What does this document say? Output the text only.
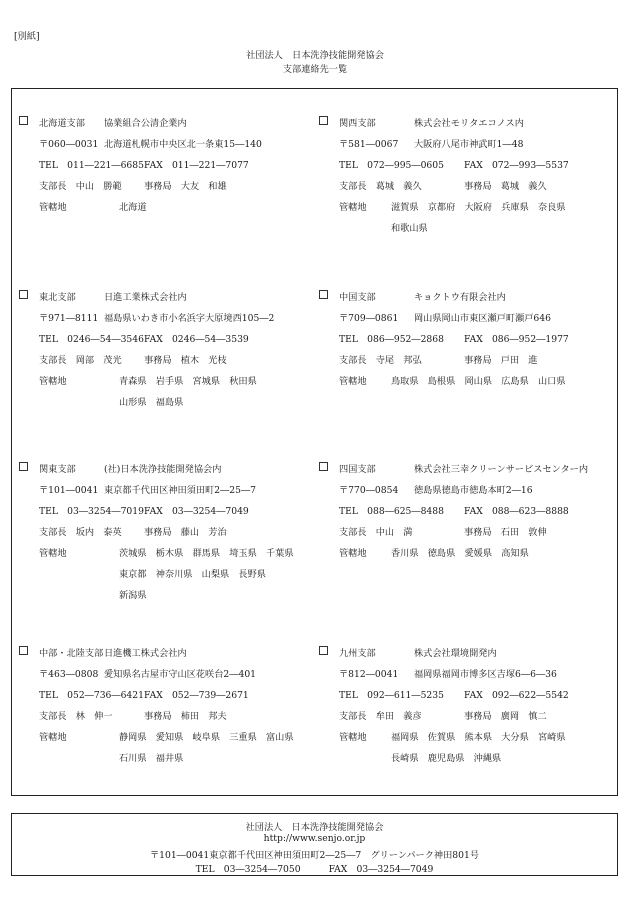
[別紙]
社団法人　日本洗浄技能開発協会
支部連絡先一覧
社団法人　日本洗浄技能開発協会
http://www.senjo.or.jp
〒101―0041東京都千代田区神田須田町2―25―7　グリーンパーク神田801号
TEL　03―3254―7050	FAX　03―3254―7049
北海道支部 協業組合公清企業内
〒060―0031 北海道札幌市中央区北一条東15―140
TEL　011―221―6685 FAX　011―221―7077
支部長　中山　勝範 事務局　大友　和雄
管轄地	北海道
関西支部	株式会社モリタエコノス内
〒581―0067 大阪府八尾市神武町1―48
TEL　072―995―0605 FAX　072―993―5537
支部長　葛城　義久	事務局　葛城　義久
管轄地	滋賀県　京都府　大阪府　兵庫県　奈良県
和歌山県
東北支部	日進工業株式会社内
〒971―8111 福島県いわき市小名浜字大原境西105―2
TEL　0246―54―3546 FAX　0246―54―3539
支部長　岡部　茂光 事務局　植木　光枝
管轄地	青森県　岩手県　宮城県　秋田県
山形県　福島県
中国支部	キョクトウ有限会社内
〒709―0861 岡山県岡山市東区瀬戸町瀬戸646
TEL　086―952―2868 FAX　086―952―1977
支部長　寺尾　邦弘	事務局　戸田　進
管轄地	鳥取県　島根県　岡山県　広島県　山口県
関東支部	(社)日本洗浄技能開発協会内
〒101―0041 東京都千代田区神田須田町2―25―7
TEL　03―3254―7019 FAX　03―3254―7049
支部長　坂内　泰英 事務局　藤山　芳治
管轄地	茨城県　栃木県　群馬県　埼玉県　千葉県
東京都　神奈川県　山梨県　長野県
新潟県
四国支部	株式会社三幸クリーンサービスセンター内
〒770―0854 徳島県徳島市徳島本町2―16
TEL　088―625―8488 FAX　088―623―8888
支部長　中山　満	事務局　石田　敦伸
管轄地	香川県　徳島県　愛媛県　高知県
中部・北陸支部 日進機工株式会社内
〒463―0808 愛知県名古屋市守山区花咲台2―401
TEL　052―736―6421 FAX　052―739―2671
支部長　林　伸一	事務局　柿田　邦夫
管轄地	静岡県　愛知県　岐阜県　三重県　富山県
石川県　福井県
九州支部	株式会社環境開発内
〒812―0041 福岡県福岡市博多区吉塚6―6―36
TEL　092―611―5235 FAX　092―622―5542
支部長　牟田　義彦	事務局　廣岡　慎二
管轄地	福岡県　佐賀県　熊本県　大分県　宮崎県
長崎県　鹿児島県　沖縄県
